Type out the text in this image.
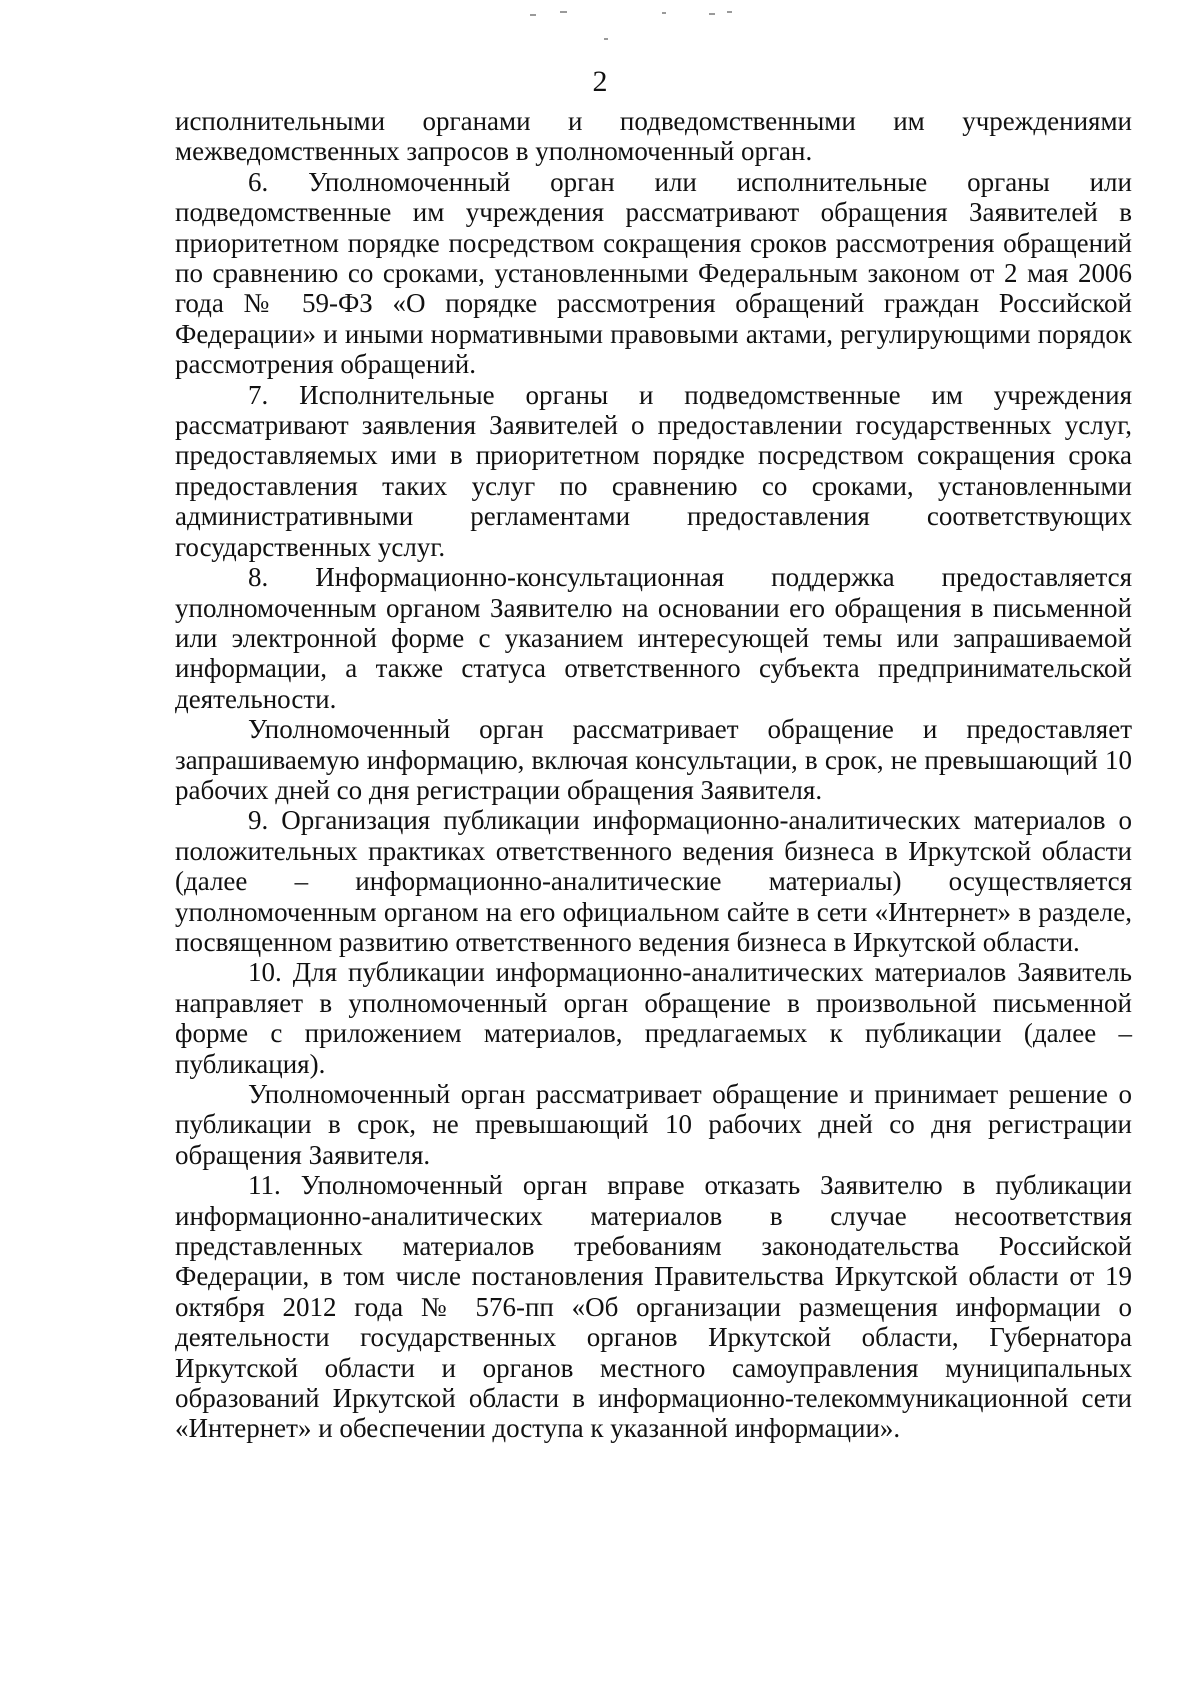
2

исполнительными органами и подведомственными им учреждениями межведомственных запросов в уполномоченный орган.

6. Уполномоченный орган или исполнительные органы или подведомственные им учреждения рассматривают обращения Заявителей в приоритетном порядке посредством сокращения сроков рассмотрения обращений по сравнению со сроками, установленными Федеральным законом от 2 мая 2006 года № 59-ФЗ «О порядке рассмотрения обращений граждан Российской Федерации» и иными нормативными правовыми актами, регулирующими порядок рассмотрения обращений.

7. Исполнительные органы и подведомственные им учреждения рассматривают заявления Заявителей о предоставлении государственных услуг, предоставляемых ими в приоритетном порядке посредством сокращения срока предоставления таких услуг по сравнению со сроками, установленными административными регламентами предоставления соответствующих государственных услуг.

8. Информационно-консультационная поддержка предоставляется уполномоченным органом Заявителю на основании его обращения в письменной или электронной форме с указанием интересующей темы или запрашиваемой информации, а также статуса ответственного субъекта предпринимательской деятельности.

Уполномоченный орган рассматривает обращение и предоставляет запрашиваемую информацию, включая консультации, в срок, не превышающий 10 рабочих дней со дня регистрации обращения Заявителя.

9. Организация публикации информационно-аналитических материалов о положительных практиках ответственного ведения бизнеса в Иркутской области (далее – информационно-аналитические материалы) осуществляется уполномоченным органом на его официальном сайте в сети «Интернет» в разделе, посвященном развитию ответственного ведения бизнеса в Иркутской области.

10. Для публикации информационно-аналитических материалов Заявитель направляет в уполномоченный орган обращение в произвольной письменной форме с приложением материалов, предлагаемых к публикации (далее – публикация).

Уполномоченный орган рассматривает обращение и принимает решение о публикации в срок, не превышающий 10 рабочих дней со дня регистрации обращения Заявителя.

11. Уполномоченный орган вправе отказать Заявителю в публикации информационно-аналитических материалов в случае несоответствия представленных материалов требованиям законодательства Российской Федерации, в том числе постановления Правительства Иркутской области от 19 октября 2012 года № 576-пп «Об организации размещения информации о деятельности государственных органов Иркутской области, Губернатора Иркутской области и органов местного самоуправления муниципальных образований Иркутской области в информационно-телекоммуникационной сети «Интернет» и обеспечении доступа к указанной информации».
